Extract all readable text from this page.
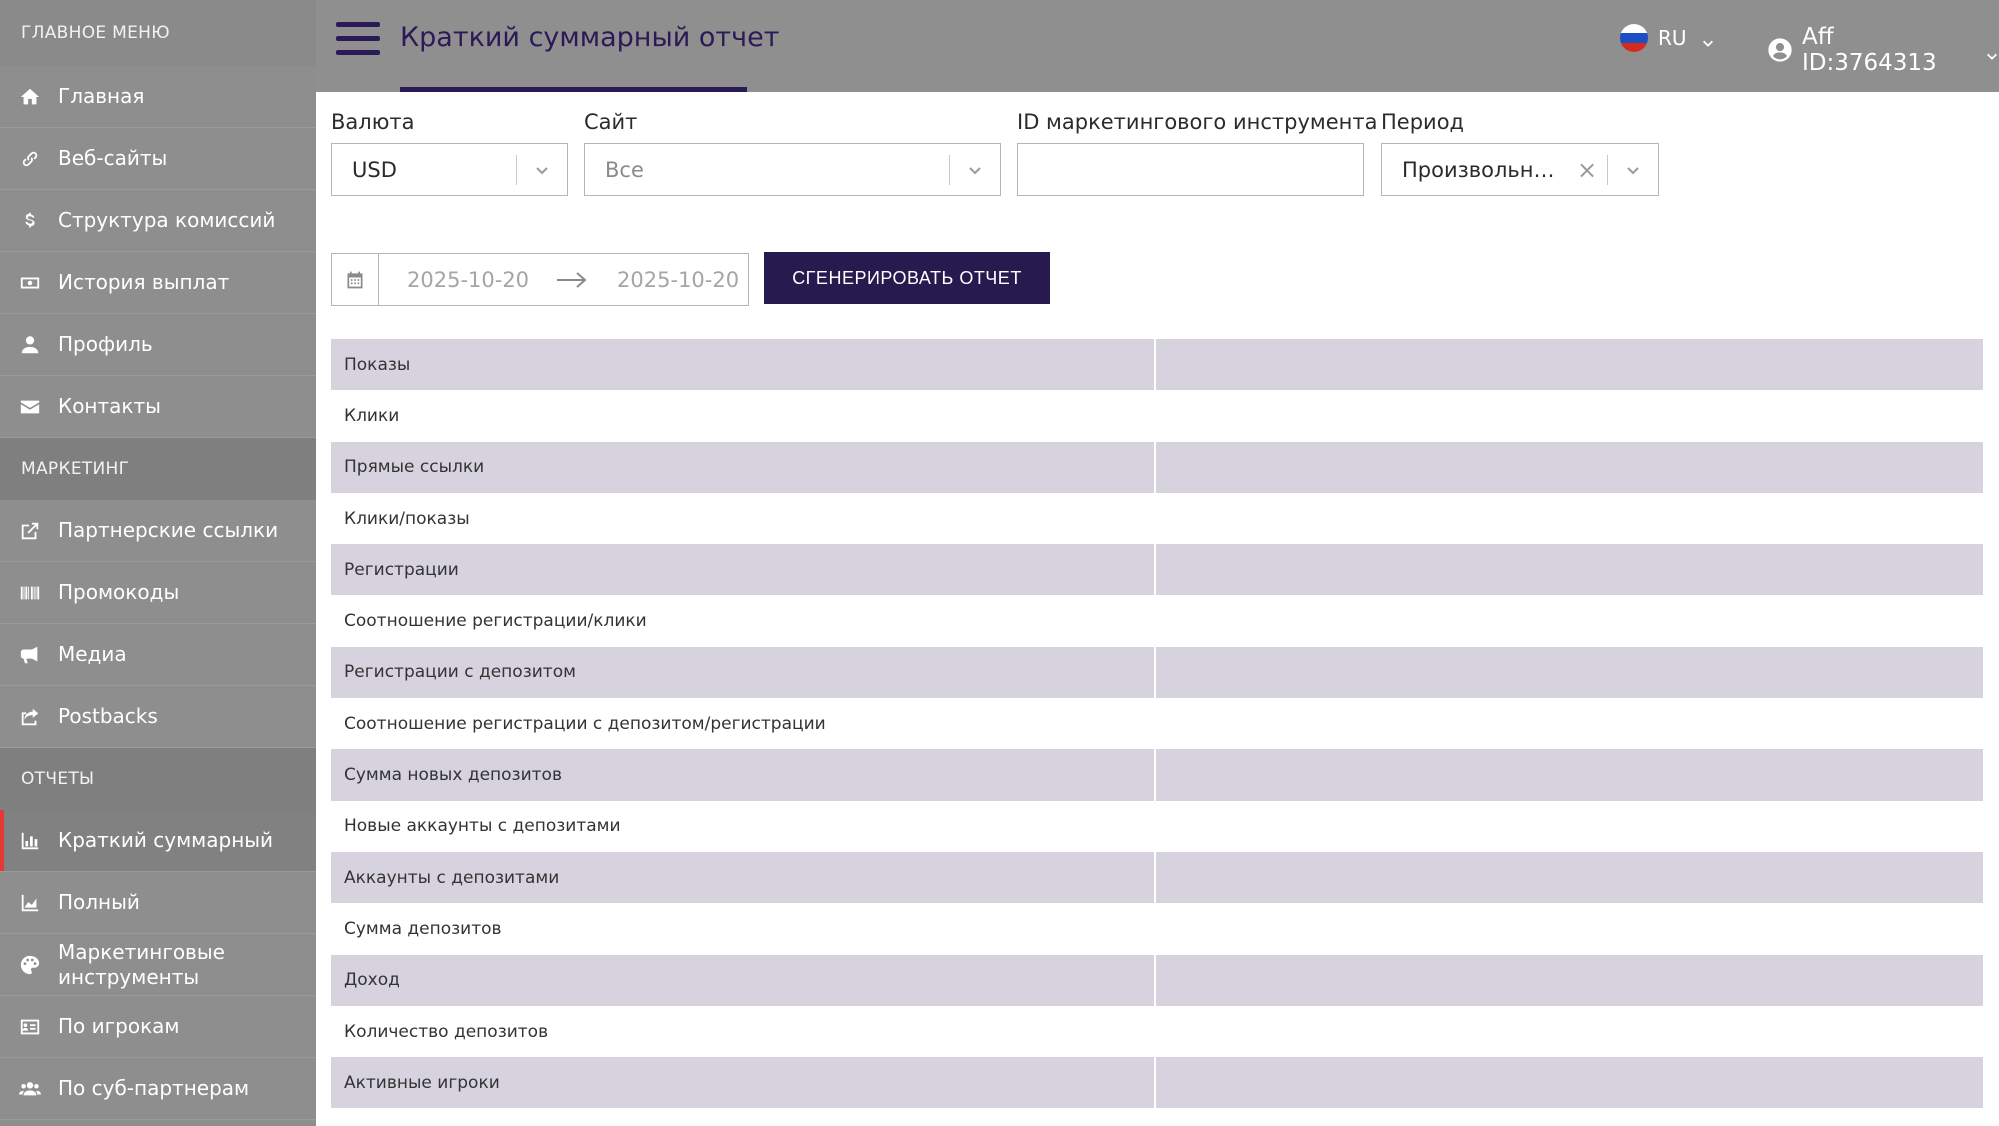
ГЛАВНОЕ МЕНЮ
Главная
Веб-сайты
Структура комиссий
История выплат
Профиль
Контакты
МАРКЕТИНГ
Партнерские ссылки
Промокоды
Медиа
Postbacks
ОТЧЕТЫ
Краткий суммарный
Полный
Маркетинговые инструменты
По игрокам
По суб-партнерам
Краткий суммарный отчет	RU	Aff ID:3764313
Валюта
USD
Сайт
Все
ID маркетингового инструмента Период
Произвольн… ×
2025-10-20	2025-10-20	СГЕНЕРИРОВАТЬ ОТЧЕТ
Показы
Клики
Прямые ссылки
Клики/показы
Регистрации
Соотношение регистрации/клики
Регистрации с депозитом
Соотношение регистрации с депозитом/регистрации
Сумма новых депозитов
Новые аккаунты с депозитами
Аккаунты с депозитами
Сумма депозитов
Доход
Количество депозитов
Активные игроки
